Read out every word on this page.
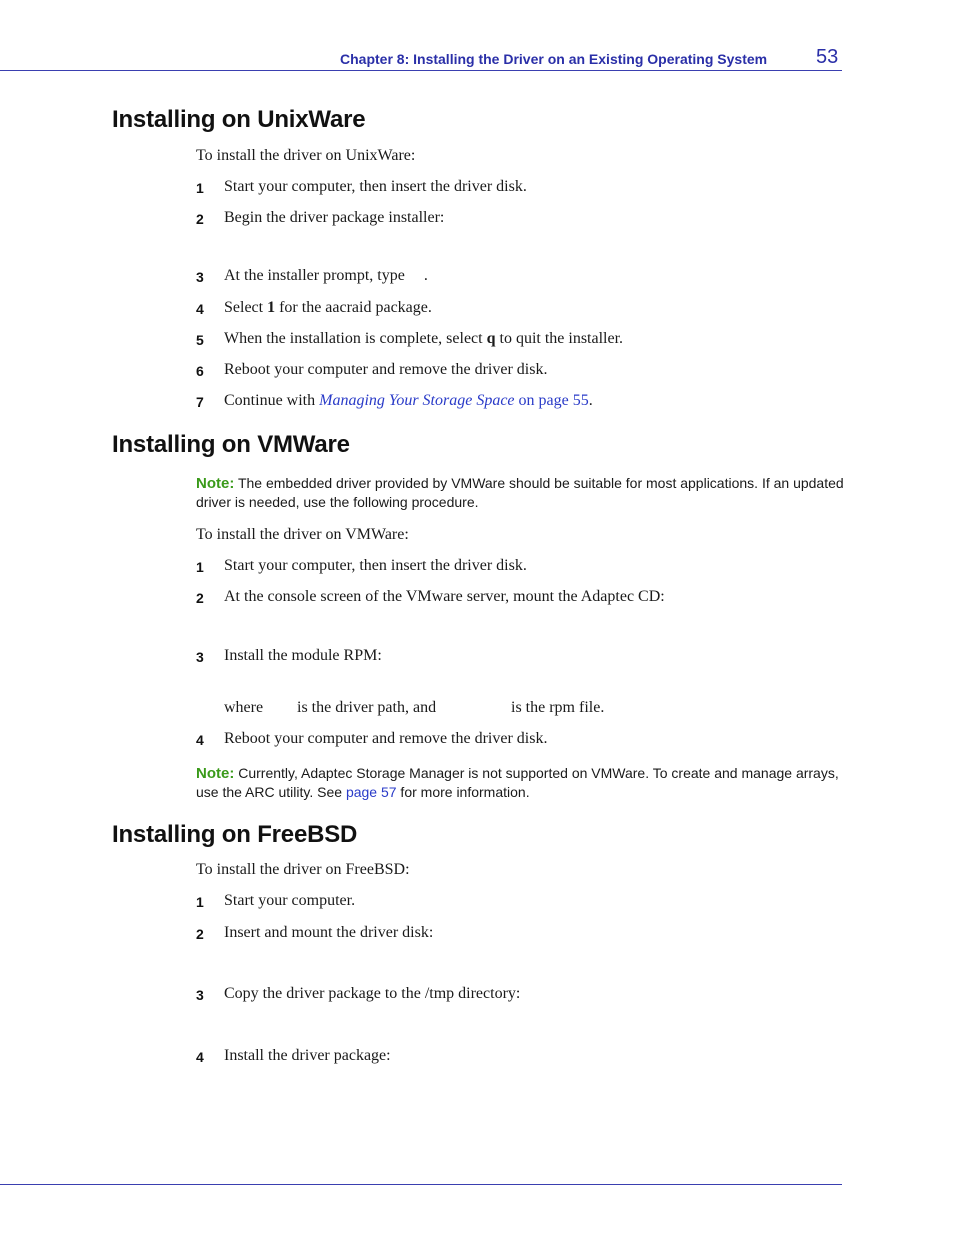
Chapter 8: Installing the Driver on an Existing Operating System 53
Installing on UnixWare
To install the driver on UnixWare:
1	Start your computer, then insert the driver disk.
2	Begin the driver package installer:
3	At the installer prompt, type .
4	Select 1 for the aacraid package.
5	When the installation is complete, select q to quit the installer.
6	Reboot your computer and remove the driver disk.
7	Continue with Managing Your Storage Space on page 55.
Installing on VMWare
Note: The embedded driver provided by VMWare should be suitable for most applications. If an updated driver is needed, use the following procedure.
To install the driver on VMWare:
1	Start your computer, then insert the driver disk.
2	At the console screen of the VMware server, mount the Adaptec CD:
3	Install the module RPM:
where is the driver path, and	is the rpm file.
4	Reboot your computer and remove the driver disk.
Note: Currently, Adaptec Storage Manager is not supported on VMWare. To create and manage arrays, use the ARC utility. See page 57 for more information.
Installing on FreeBSD
To install the driver on FreeBSD:
1	Start your computer.
2	Insert and mount the driver disk:
3	Copy the driver package to the /tmp directory:
4	Install the driver package:
